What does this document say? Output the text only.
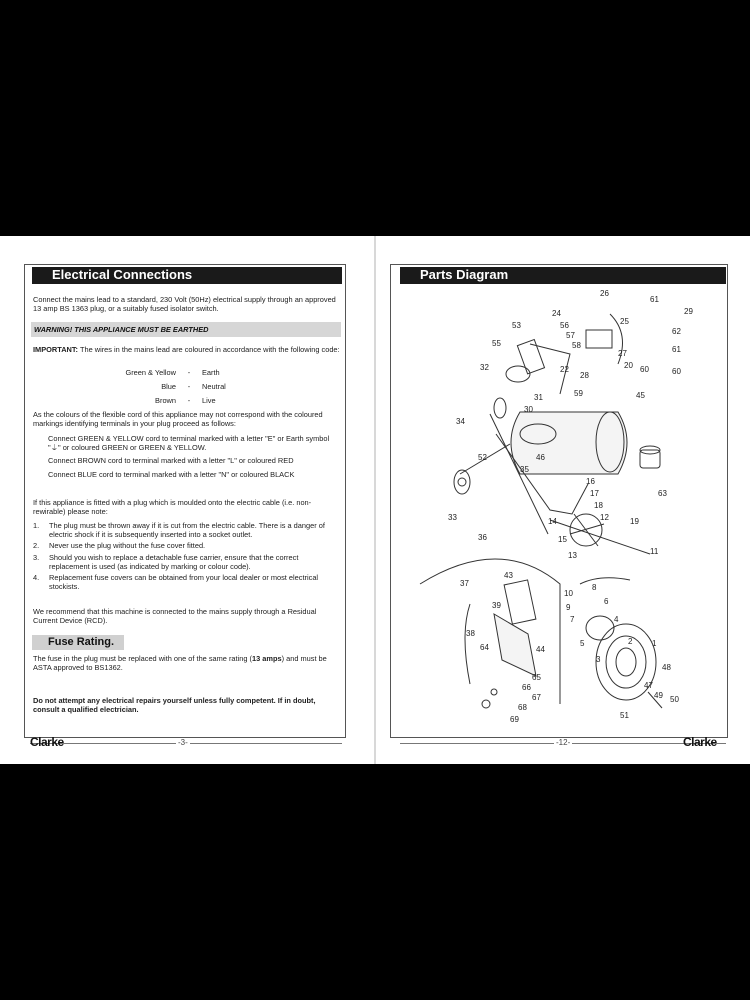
Electrical Connections
Connect the mains lead to a standard, 230 Volt (50Hz) electrical supply through an approved 13 amp BS 1363 plug, or a suitably fused isolator switch.
WARNING! THIS APPLIANCE MUST BE EARTHED
IMPORTANT: The wires in the mains lead are coloured in accordance with the following code:
Green & Yellow	-	Earth
Blue	-	Neutral
Brown	-	Live
As the colours of the flexible cord of this appliance may not correspond with the coloured markings identifying terminals in your plug proceed as follows:

Connect GREEN & YELLOW cord to terminal marked with a letter "E" or Earth symbol "⏚" or coloured GREEN or GREEN & YELLOW.

Connect BROWN cord to terminal marked with a letter "L" or coloured RED

Connect BLUE cord to terminal marked with a letter "N" or coloured BLACK

If this appliance is fitted with a plug which is moulded onto the electric cable (i.e. non-rewirable) please note:
1.	The plug must be thrown away if it is cut from the electric cable. There is a danger of electric shock if it is subsequently inserted into a socket outlet.
2.	Never use the plug without the fuse cover fitted.
3.	Should you wish to replace a detachable fuse carrier, ensure that the correct replacement is used (as indicated by marking or colour code).
4.	Replacement fuse covers can be obtained from your local dealer or most electrical stockists.
We recommend that this machine is connected to the mains supply through a Residual Current Device (RCD).
Fuse Rating.
The fuse in the plug must be replaced with one of the same rating (13 amps) and must be ASTA approved to BS1362.
Do not attempt any electrical repairs yourself unless fully competent. If in doubt, consult a qualified electrician.
Clarke	-3-
Parts Diagram
-12-	Clarke
26
61
29
24
56
57
58
25
62
61
53
55
27
20
28
22	60	60
32
31	59	45
30
34
52	46
35
63
16
17
18
12	19
14
15
13
33
36
11
37
43
39
10
9
7
8
6
4
38
64
65
66
67
68
69
44
5	2
3
1
48
47
49 50
51
